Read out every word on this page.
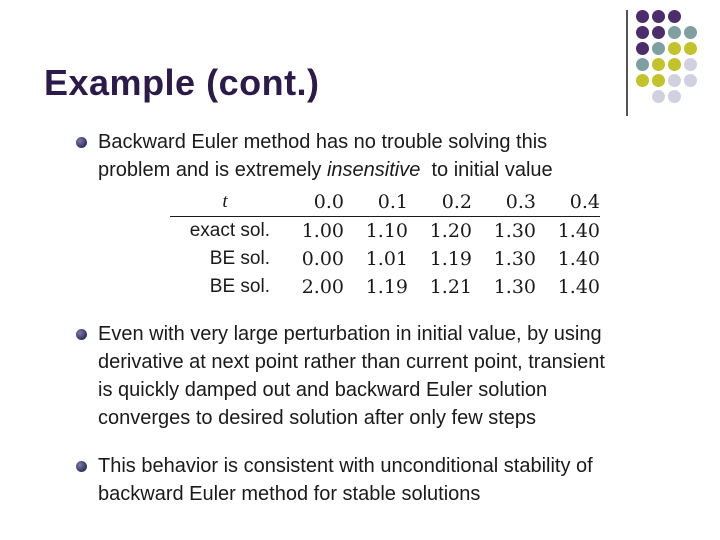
Example (cont.)
Backward Euler method has no trouble solving this
problem and is extremely insensitive  to initial value
t	0.0	0.1	0.2	0.3	0.4
exact sol.	1.00	1.10	1.20	1.30	1.40
BE sol.	0.00	1.01	1.19	1.30	1.40
BE sol.	2.00	1.19	1.21	1.30	1.40
Even with very large perturbation in initial value, by using
derivative at next point rather than current point, transient
is quickly damped out and backward Euler solution
converges to desired solution after only few steps
This behavior is consistent with unconditional stability of
backward Euler method for stable solutions
